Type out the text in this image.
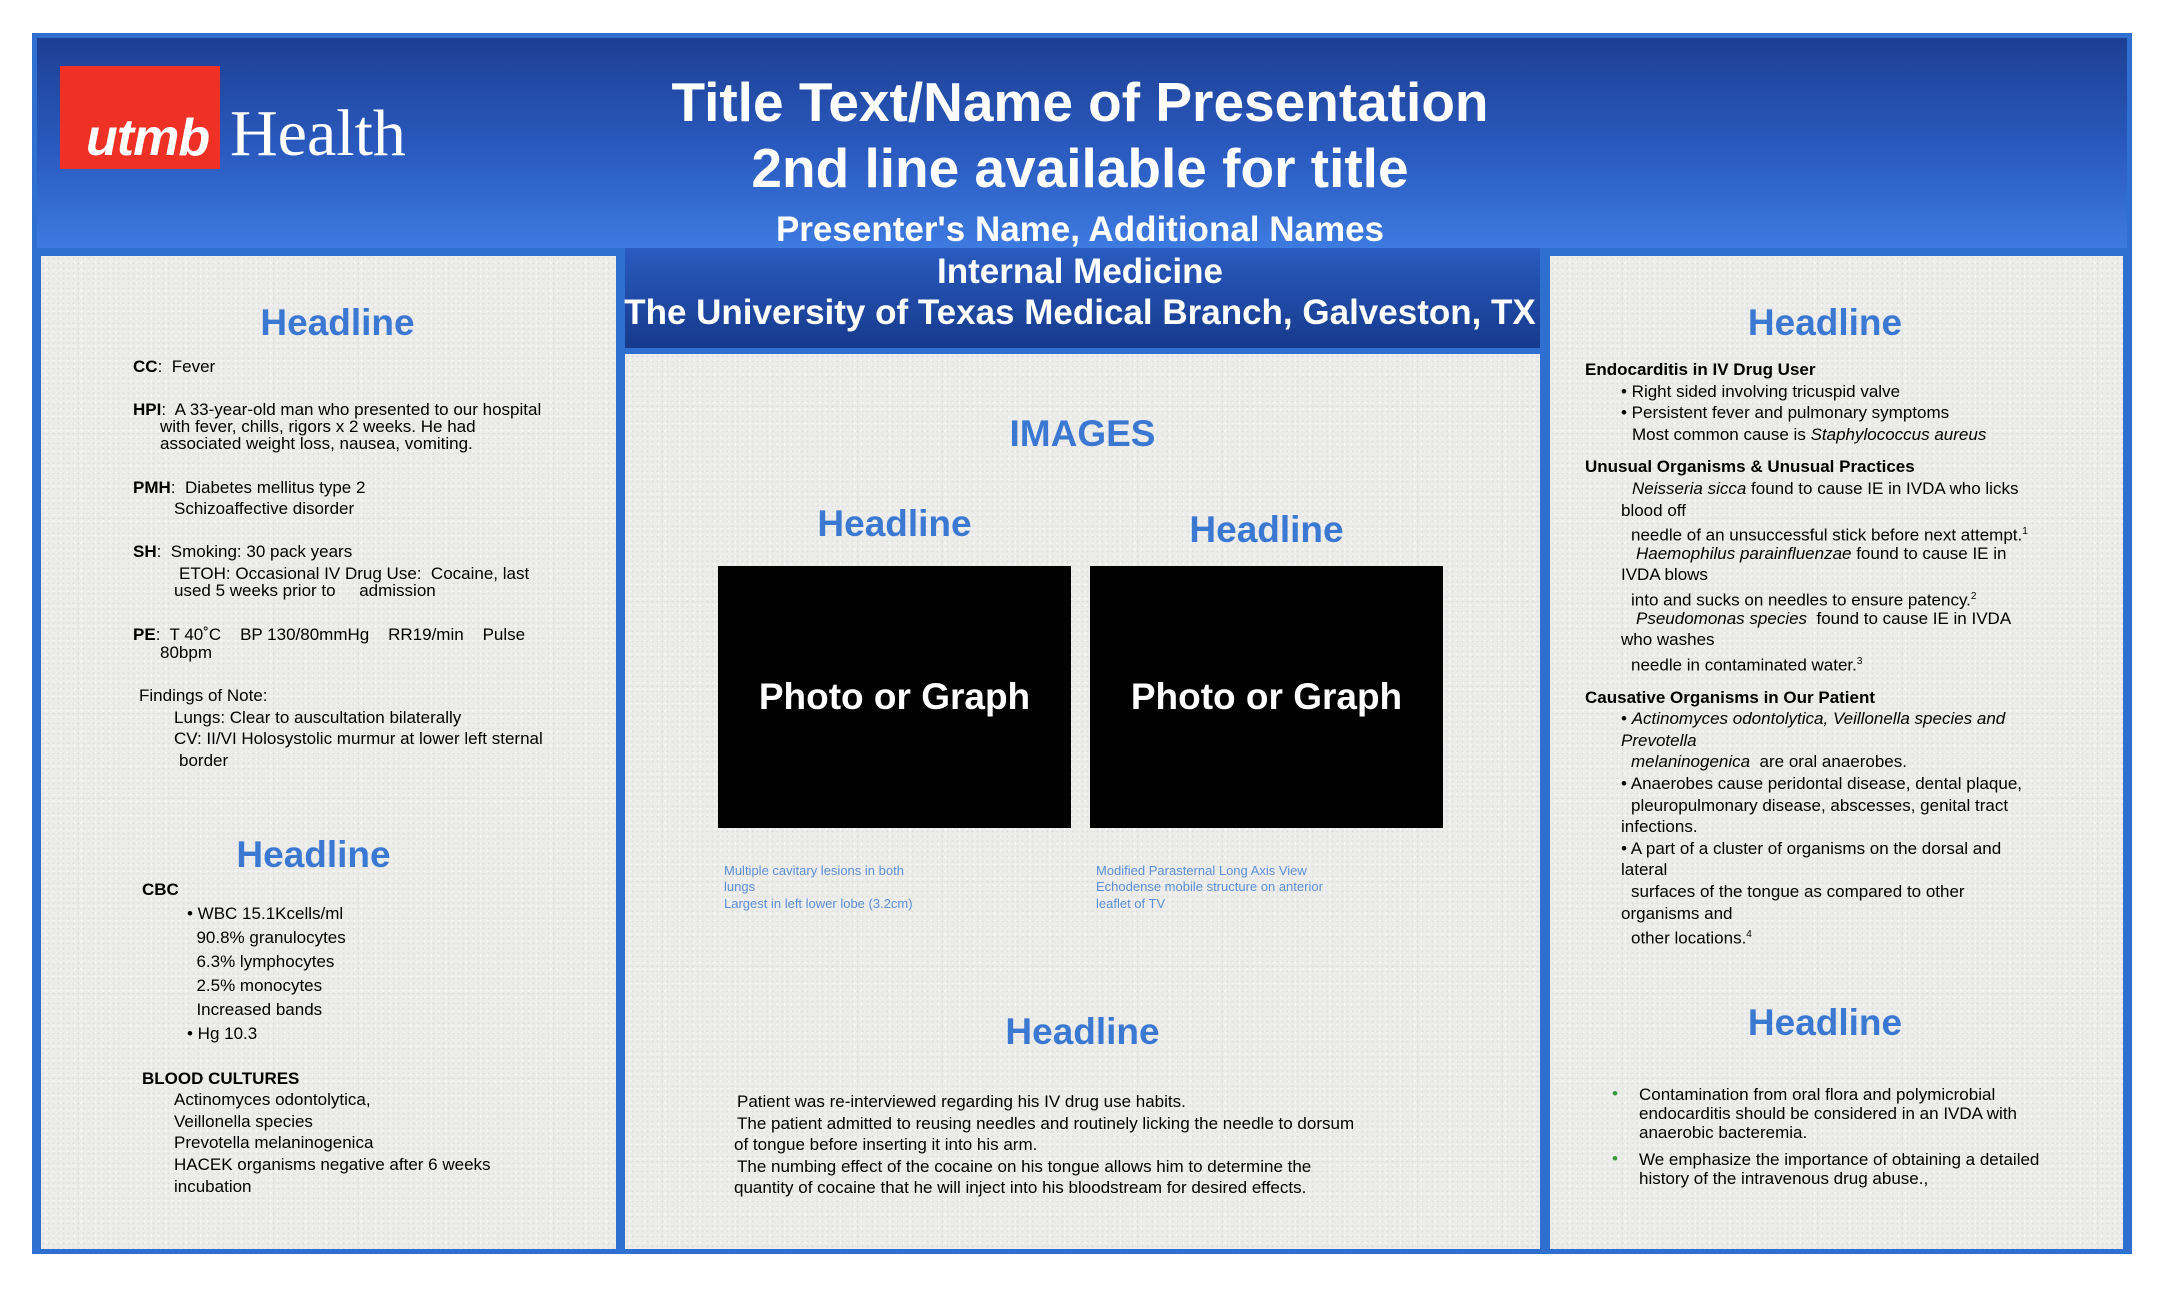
utmb Health	Title Text/Name of Presentation
2nd line available for title
Presenter's Name, Additional Names
Internal Medicine
The University of Texas Medical Branch, Galveston, TX
Headline
CC:  Fever
HPI:  A 33-year-old man who presented to our hospital
with fever, chills, rigors x 2 weeks. He had
associated weight loss, nausea, vomiting.
PMH:  Diabetes mellitus type 2
Schizoaffective disorder
SH:  Smoking: 30 pack years
ETOH: Occasional IV Drug Use:  Cocaine, last
used 5 weeks prior to     admission
PE:  T 40˚C    BP 130/80mmHg    RR19/min    Pulse
80bpm
Findings of Note:
Lungs: Clear to auscultation bilaterally
CV: II/VI Holosystolic murmur at lower left sternal
border
Headline
CBC
• WBC 15.1Kcells/ml
90.8% granulocytes
6.3% lymphocytes
2.5% monocytes
Increased bands
• Hg 10.3
BLOOD CULTURES
Actinomyces odontolytica,
Veillonella species
Prevotella melaninogenica
HACEK organisms negative after 6 weeks
incubation
IMAGES
Headline	Headline
Photo or Graph	Photo or Graph
Multiple cavitary lesions in both
lungs
Largest in left lower lobe (3.2cm)
Modified Parasternal Long Axis View
Echodense mobile structure on anterior
leaflet of TV
Headline
Patient was re-interviewed regarding his IV drug use habits.
The patient admitted to reusing needles and routinely licking the needle to dorsum
of tongue before inserting it into his arm.
The numbing effect of the cocaine on his tongue allows him to determine the
quantity of cocaine that he will inject into his bloodstream for desired effects.
Headline
Endocarditis in IV Drug User
• Right sided involving tricuspid valve
• Persistent fever and pulmonary symptoms
Most common cause is Staphylococcus aureus
Unusual Organisms & Unusual Practices
Neisseria sicca found to cause IE in IVDA who licks
blood off
needle of an unsuccessful stick before next attempt.$^1$
Haemophilus parainfluenzae found to cause IE in
IVDA blows
into and sucks on needles to ensure patency.$^2$
Pseudomonas species  found to cause IE in IVDA
who washes
needle in contaminated water.$^3$
Causative Organisms in Our Patient
• Actinomyces odontolytica, Veillonella species and
Prevotella
melaninogenica  are oral anaerobes.
• Anaerobes cause peridontal disease, dental plaque,
pleuropulmonary disease, abscesses, genital tract
infections.
• A part of a cluster of organisms on the dorsal and
lateral
surfaces of the tongue as compared to other
organisms and
other locations.$^4$
Headline
• Contamination from oral flora and polymicrobial
endocarditis should be considered in an IVDA with
anaerobic bacteremia.
• We emphasize the importance of obtaining a detailed
history of the intravenous drug abuse.,
